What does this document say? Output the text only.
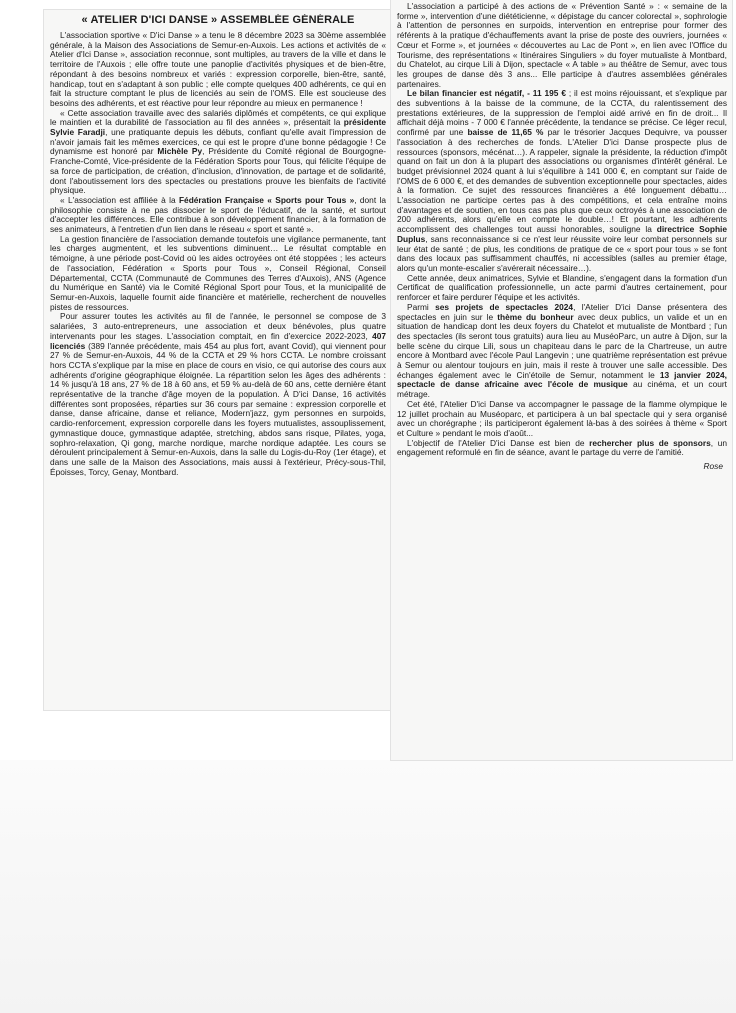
« ATELIER D'ICI DANSE » ASSEMBLÉE GÉNÉRALE

L'association sportive « D'ici Danse » a tenu le 8 décembre 2023 sa 30ème assemblée générale, à la Maison des Associations de Semur-en-Auxois. Les actions et activités de « Atelier d'Ici Danse », association reconnue, sont multiples, au travers de la ville et dans le territoire de l'Auxois ; elle offre toute une panoplie d'activités physiques et de bien-être, répondant à des besoins nombreux et variés : expression corporelle, bien-être, santé, handicap, tout en s'adaptant à son public ; elle compte quelques 400 adhérents, ce qui en fait la structure comptant le plus de licenciés au sein de l'OMS. Elle est soucieuse des besoins des adhérents, et est réactive pour leur répondre au mieux en permanence !

« Cette association travaille avec des salariés diplômés et compétents, ce qui explique le maintien et la durabilité de l'association au fil des années », présentait la présidente Sylvie Faradji, une pratiquante depuis les débuts, confiant qu'elle avait l'impression de n'avoir jamais fait les mêmes exercices, ce qui est le propre d'une bonne pédagogie ! Ce dynamisme est honoré par Michèle Py, Présidente du Comité régional de Bourgogne-Franche-Comté, Vice-présidente de la Fédération Sports pour Tous, qui félicite l'équipe de sa force de participation, de création, d'inclusion, d'innovation, de partage et de solidarité, dont l'aboutissement lors des spectacles ou prestations prouve les bienfaits de l'activité physique.

« L'association est affiliée à la Fédération Française « Sports pour Tous », dont la philosophie consiste à ne pas dissocier le sport de l'éducatif, de la santé, et surtout d'accepter les différences. Elle contribue à son développement financier, à la formation de ses animateurs, à l'entretien d'un lien dans le réseau « sport et santé ».

La gestion financière de l'association demande toutefois une vigilance permanente, tant les charges augmentent, et les subventions diminuent… Le résultat comptable en témoigne, à une période post-Covid où les aides octroyées ont été stoppées ; les acteurs de l'association, Fédération « Sports pour Tous », Conseil Régional, Conseil Départemental, CCTA (Communauté de Communes des Terres d'Auxois), ANS (Agence du Numérique en Santé) via le Comité Régional Sport pour Tous, et la municipalité de Semur-en-Auxois, laquelle fournit aide financière et matérielle, recherchent de nouvelles pistes de ressources.

Pour assurer toutes les activités au fil de l'année, le personnel se compose de 3 salariées, 3 auto-entrepreneurs, une association et deux bénévoles, plus quatre intervenants pour les stages. L'association comptait, en fin d'exercice 2022-2023, 407 licenciés (389 l'année précédente, mais 454 au plus fort, avant Covid), qui viennent pour 27 % de Semur-en-Auxois, 44 % de la CCTA et 29 % hors CCTA. Le nombre croissant hors CCTA s'explique par la mise en place de cours en visio, ce qui autorise des cours aux adhérents d'origine géographique éloignée. La répartition selon les âges des adhérents : 14 % jusqu'à 18 ans, 27 % de 18 à 60 ans, et 59 % au-delà de 60 ans, cette dernière étant représentative de la tranche d'âge moyen de la population. À D'ici Danse, 16 activités différentes sont proposées, réparties sur 36 cours par semaine : expression corporelle et danse, danse africaine, danse et reliance, Modern'jazz, gym personnes en surpoids, cardio-renforcement, expression corporelle dans les foyers mutualistes, assouplissement, gymnastique douce, gymnastique adaptée, stretching, abdos sans risque, Pilates, yoga, sophro-relaxation, Qi gong, marche nordique, marche nordique adaptée. Les cours se déroulent principalement à Semur-en-Auxois, dans la salle du Logis-du-Roy (1er étage), et dans une salle de la Maison des Associations, mais aussi à l'extérieur, Précy-sous-Thil, Époisses, Torcy, Genay, Montbard.

L'association a participé à des actions de « Prévention Santé » : « semaine de la forme », intervention d'une diététicienne, « dépistage du cancer colorectal », sophrologie à l'attention de personnes en surpoids, intervention en entreprise pour former des référents à la pratique d'échauffements avant la prise de poste des ouvriers, journées « Cœur et Forme », et journées « découvertes au Lac de Pont », en lien avec l'Office du Tourisme, des représentations « Itinéraires Singuliers » du foyer mutualiste à Montbard, du Chatelot, au cirque Lili à Dijon, spectacle « A table » au théâtre de Semur, avec tous les groupes de danse dès 3 ans... Elle participe à d'autres assemblées générales partenaires.

Le bilan financier est négatif, - 11 195 € ; il est moins réjouissant, et s'explique par des subventions à la baisse de la commune, de la CCTA, du ralentissement des prestations extérieures, de la suppression de l'emploi aidé arrivé en fin de droit... Il affichait déjà moins - 7 000 € l'année précédente, la tendance se précise. Ce léger recul, confirmé par une baisse de 11,65 % par le trésorier Jacques Dequivre, va pousser l'association à des recherches de fonds. L'Atelier D'ici Danse prospecte plus de ressources (sponsors, mécénat…). A rappeler, signale la présidente, la réduction d'impôt quand on fait un don à la plupart des associations ou organismes d'intérêt général. Le budget prévisionnel 2024 quant à lui s'équilibre à 141 000 €, en comptant sur l'aide de l'OMS de 6 000 €, et des demandes de subvention exceptionnelle pour spectacles, aides à la formation. Ce sujet des ressources financières a été longuement débattu… L'association ne participe certes pas à des compétitions, et cela entraîne moins d'avantages et de soutien, en tous cas pas plus que ceux octroyés à une association de 200 adhérents, alors qu'elle en compte le double…! Et pourtant, les adhérents accomplissent des challenges tout aussi honorables, souligne la directrice Sophie Duplus, sans reconnaissance si ce n'est leur réussite voire leur combat personnels sur leur état de santé ; de plus, les conditions de pratique de ce « sport pour tous » se font dans des locaux pas suffisamment chauffés, ni accessibles (salles au premier étage, alors qu'un monte-escalier s'avérerait nécessaire…).

Cette année, deux animatrices, Sylvie et Blandine, s'engagent dans la formation d'un Certificat de qualification professionnelle, un acte parmi d'autres certainement, pour renforcer et faire perdurer l'équipe et les activités.

Parmi ses projets de spectacles 2024, l'Atelier D'ici Danse présentera des spectacles en juin sur le thème du bonheur avec deux publics, un valide et un en situation de handicap dont les deux foyers du Chatelot et mutualiste de Montbard ; l'un des spectacles (ils seront tous gratuits) aura lieu au MuséoParc, un autre à Dijon, sur la belle scène du cirque Lili, sous un chapiteau dans le parc de la Chartreuse, un autre encore à Montbard avec l'école Paul Langevin ; une quatrième représentation est prévue à Semur ou alentour toujours en juin, mais il reste à trouver une salle accessible. Des échanges également avec le Cin'étoile de Semur, notamment le 13 janvier 2024, spectacle de danse africaine avec l'école de musique au cinéma, et un court métrage.

Cet été, l'Atelier D'ici Danse va accompagner le passage de la flamme olympique le 12 juillet prochain au Muséoparc, et participera à un bal spectacle qui y sera organisé avec un chorégraphe ; ils participeront également là-bas à des soirées à thème « Sport et Culture » pendant le mois d'août...

L'objectif de l'Atelier D'ici Danse est bien de rechercher plus de sponsors, un engagement reformulé en fin de séance, avant le partage du verre de l'amitié.

Rose
